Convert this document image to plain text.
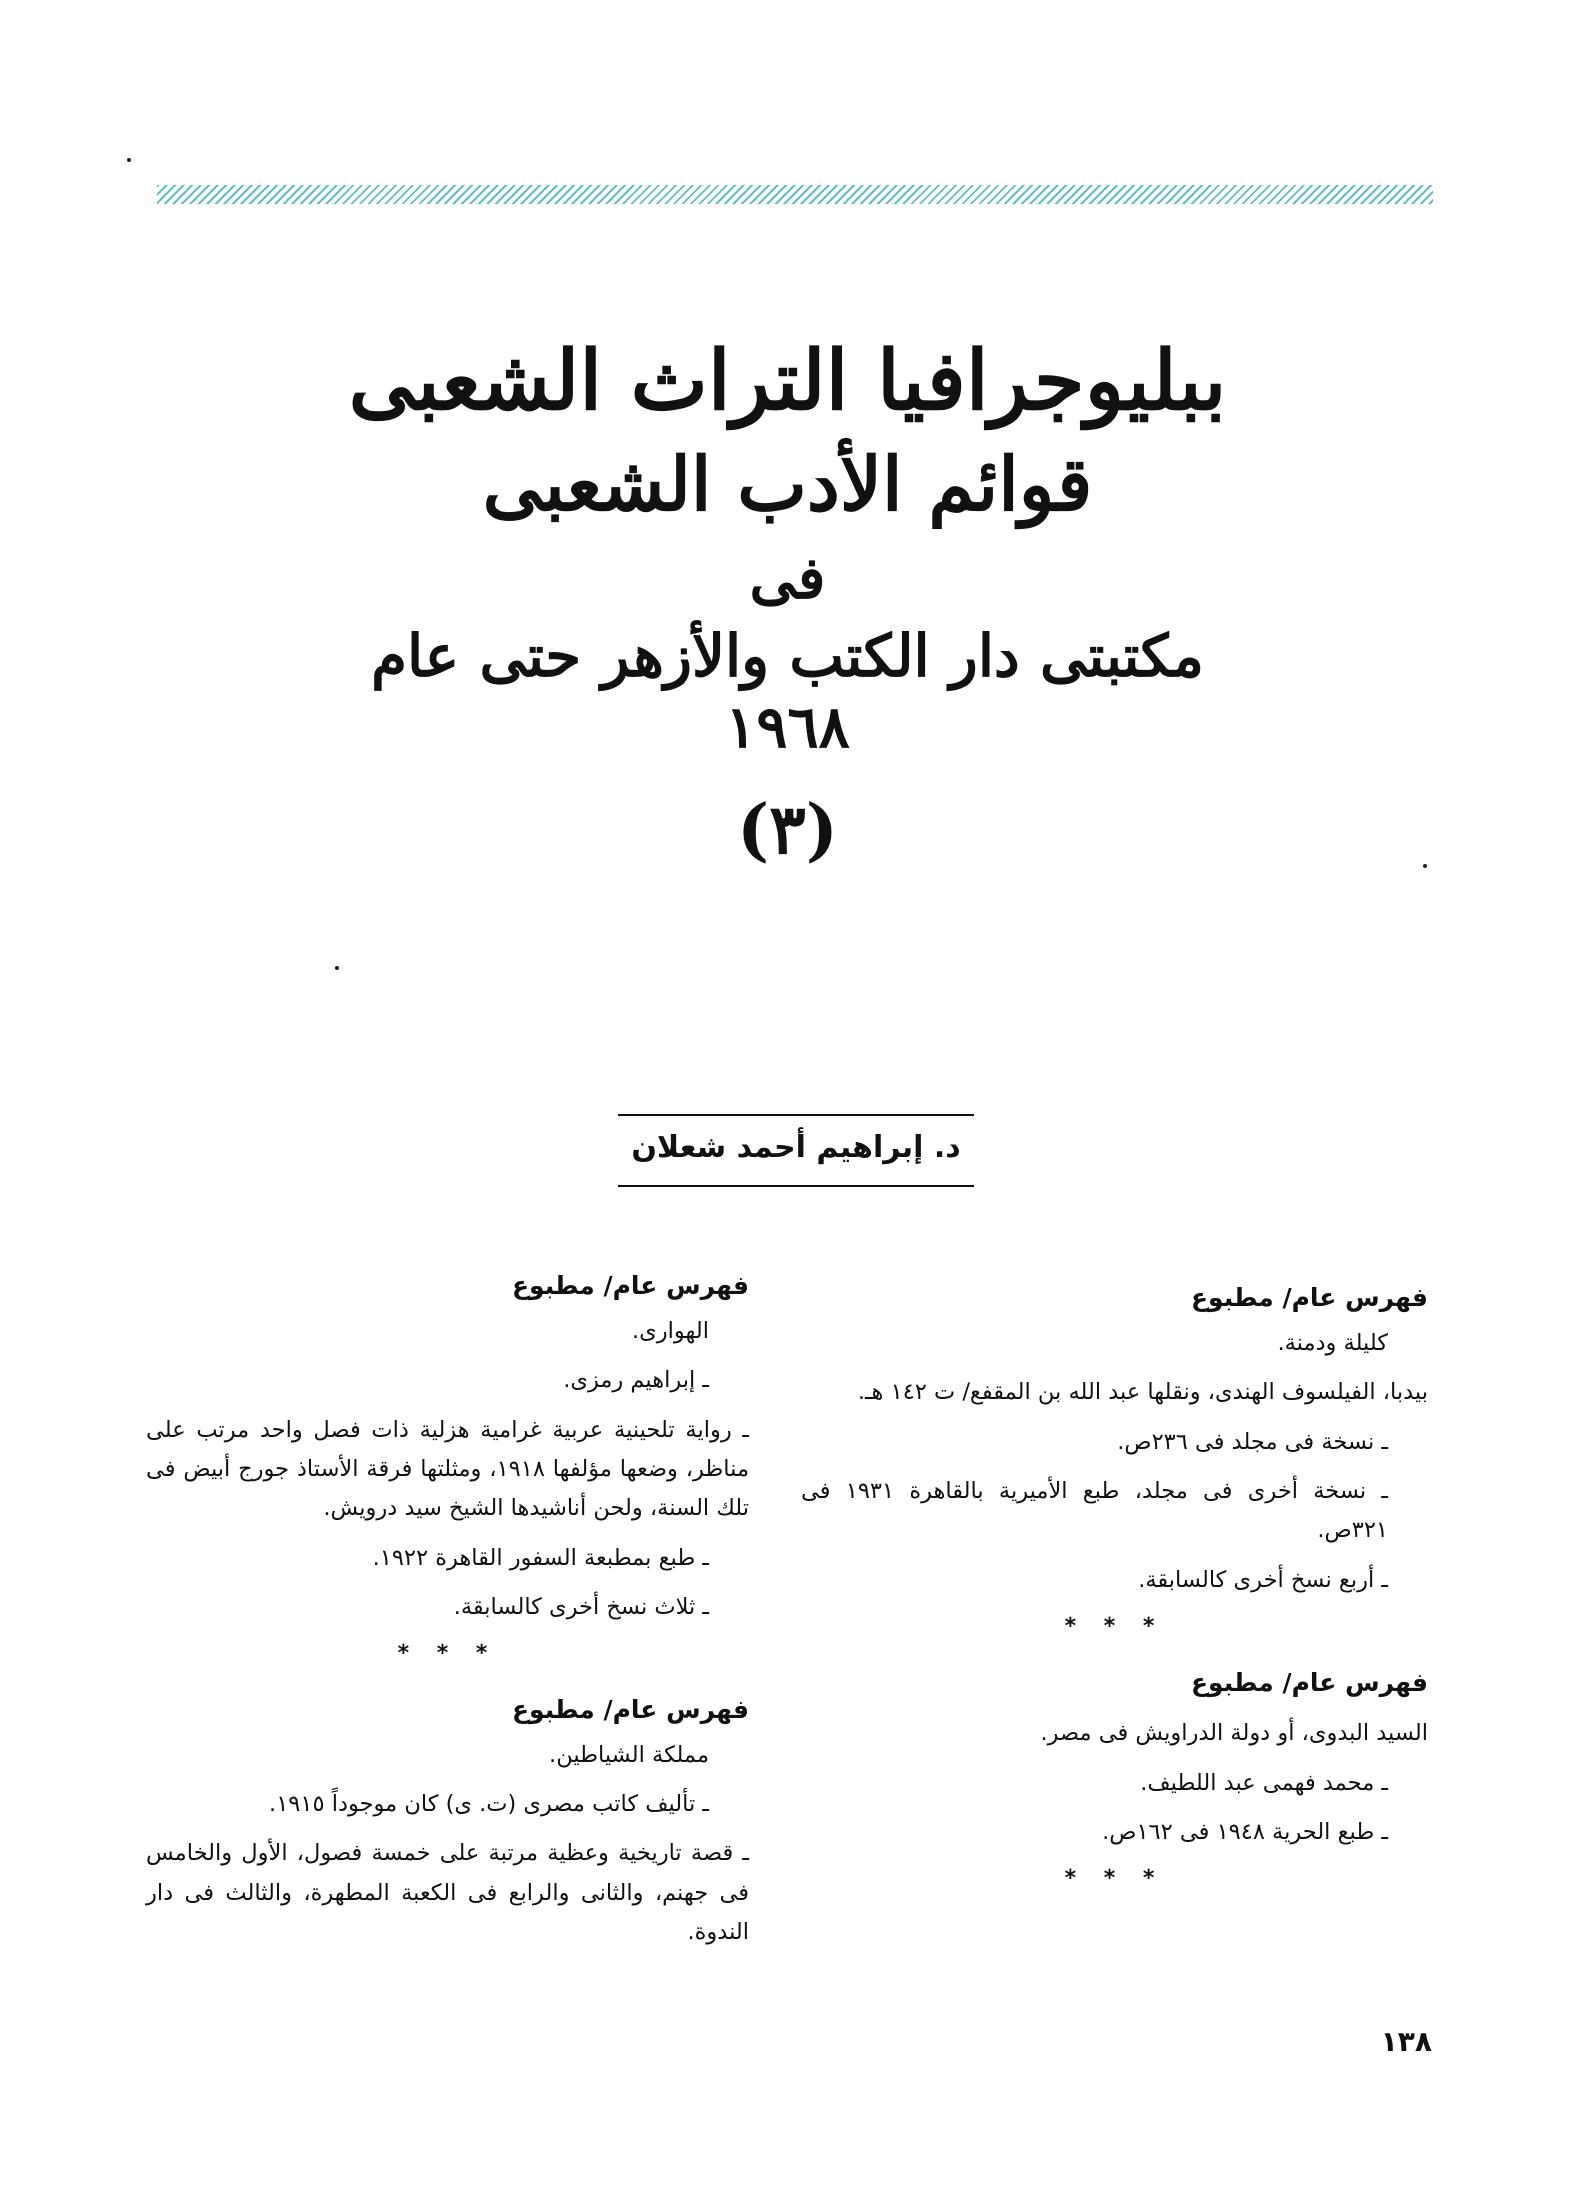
ببليوجرافيا التراث الشعبى
قوائم الأدب الشعبى
فى
مكتبتى دار الكتب والأزهر حتى عام
١٩٦٨
(٣)
د. إبراهيم أحمد شعلان
فهرس عام/ مطبوع
كليلة ودمنة.
بيدبا، الفيلسوف الهندى، ونقلها عبد الله بن المقفع/ ت ١٤٢ هـ.
ـ نسخة فى مجلد فى ٢٣٦ص.
ـ نسخة أخرى فى مجلد، طبع الأميرية بالقاهرة ١٩٣١ فى ٣٢١ص.
ـ أربع نسخ أخرى كالسابقة.
* * *
فهرس عام/ مطبوع
السيد البدوى، أو دولة الدراويش فى مصر.
ـ محمد فهمى عبد اللطيف.
ـ طبع الحرية ١٩٤٨ فى ١٦٢ص.
* * *
فهرس عام/ مطبوع
الهوارى.
ـ إبراهيم رمزى.
ـ رواية تلحينية عربية غرامية هزلية ذات فصل واحد مرتب على مناظر، وضعها مؤلفها ١٩١٨، ومثلتها فرقة الأستاذ جورج أبيض فى تلك السنة، ولحن أناشيدها الشيخ سيد درويش.
ـ طبع بمطبعة السفور القاهرة ١٩٢٢.
ـ ثلاث نسخ أخرى كالسابقة.
* * *
فهرس عام/ مطبوع
مملكة الشياطين.
ـ تأليف كاتب مصرى (ت. ى) كان موجوداً ١٩١٥.
ـ قصة تاريخية وعظية مرتبة على خمسة فصول، الأول والخامس فى جهنم، والثانى والرابع فى الكعبة المطهرة، والثالث فى دار الندوة.
١٣٨
